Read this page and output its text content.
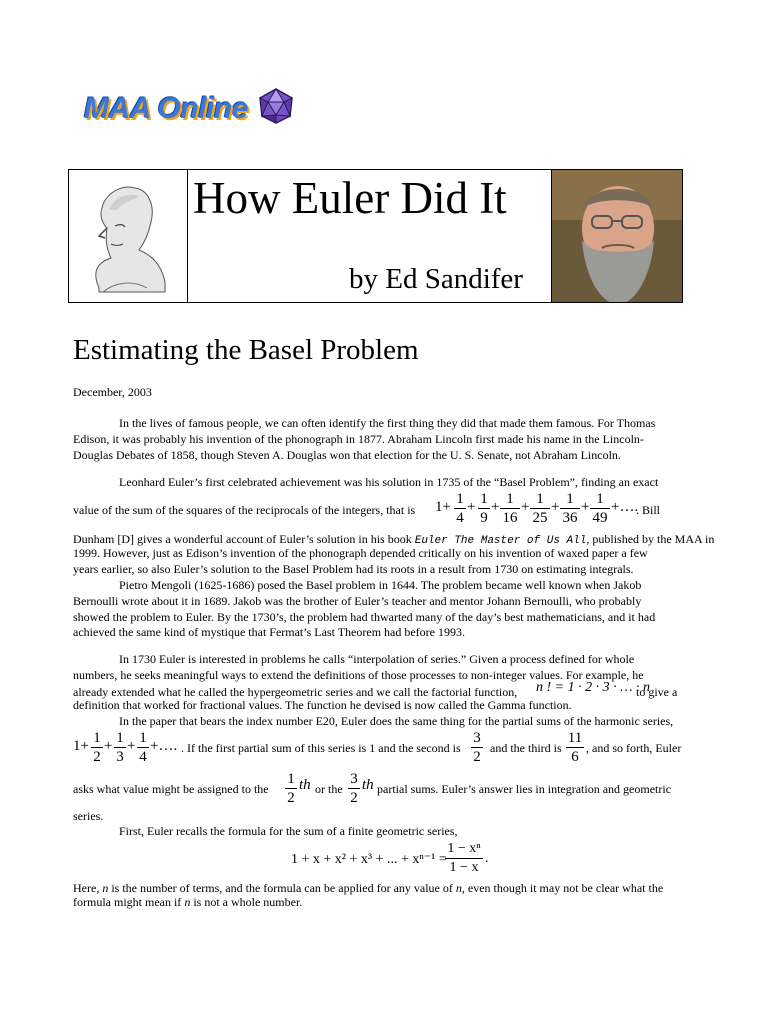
MAA Online
How Euler Did It
by Ed Sandifer
Estimating the Basel Problem
December, 2003
In the lives of famous people, we can often identify the first thing they did that made them famous. For Thomas
Edison, it was probably his invention of the phonograph in 1877. Abraham Lincoln first made his name in the Lincoln-
Douglas Debates of 1858, though Steven A. Douglas won that election for the U. S. Senate, not Abraham Lincoln.
Leonhard Euler’s first celebrated achievement was his solution in 1735 of the “Basel Problem”, finding an exact
value of the sum of the squares of the reciprocals of the integers, that is $1+ \frac{1}{4} + \frac{1}{9} + \frac{1}{16} + \frac{1}{25} + \frac{1}{36} + \frac{1}{49}$ +….
. Bill
Dunham [D] gives a wonderful account of Euler’s solution in his book Euler The Master of Us All, published by the MAA in
1999. However, just as Edison’s invention of the phonograph depended critically on his invention of waxed paper a few
years earlier, so also Euler’s solution to the Basel Problem had its roots in a result from 1730 on estimating integrals.
Pietro Mengoli (1625-1686) posed the Basel problem in 1644. The problem became well known when Jakob
Bernoulli wrote about it in 1689. Jakob was the brother of Euler’s teacher and mentor Johann Bernoulli, who probably
showed the problem to Euler. By the 1730’s, the problem had thwarted many of the day’s best mathematicians, and it had
achieved the same kind of mystique that Fermat’s Last Theorem had before 1993.
In 1730 Euler is interested in problems he calls “interpolation of series.” Given a process defined for whole
numbers, he seeks meaningful ways to extend the definitions of those processes to non-integer values. For example, he
already extended what he called the hypergeometric series and we call the factorial function, n ! = 1 · 2 · 3 · … · n
to give a
definition that worked for fractional values. The function he devised is now called the Gamma function.
In the paper that bears the index number E20, Euler does the same thing for the partial sums of the harmonic series,
$1+ \frac{1}{2} + \frac{1}{3} + \frac{1}{4}$ +…. . If the first partial sum of this series is 1 and the second is $\frac{3}{2}$ and the third is $\frac{11}{6}$ , and so forth, Euler
asks what value might be assigned to the $\frac{1}{2}$ th or the $\frac{3}{2}$ th partial sums. Euler’s answer lies in integration and geometric
series.
First, Euler recalls the formula for the sum of a finite geometric series,
1 + x + x² + x³ + ... + xⁿ⁻¹ =
$\frac{\text{1 − xⁿ}}{1 - x}$ .
Here, n is the number of terms, and the formula can be applied for any value of n, even though it may not be clear what the
formula might mean if n is not a whole number.
